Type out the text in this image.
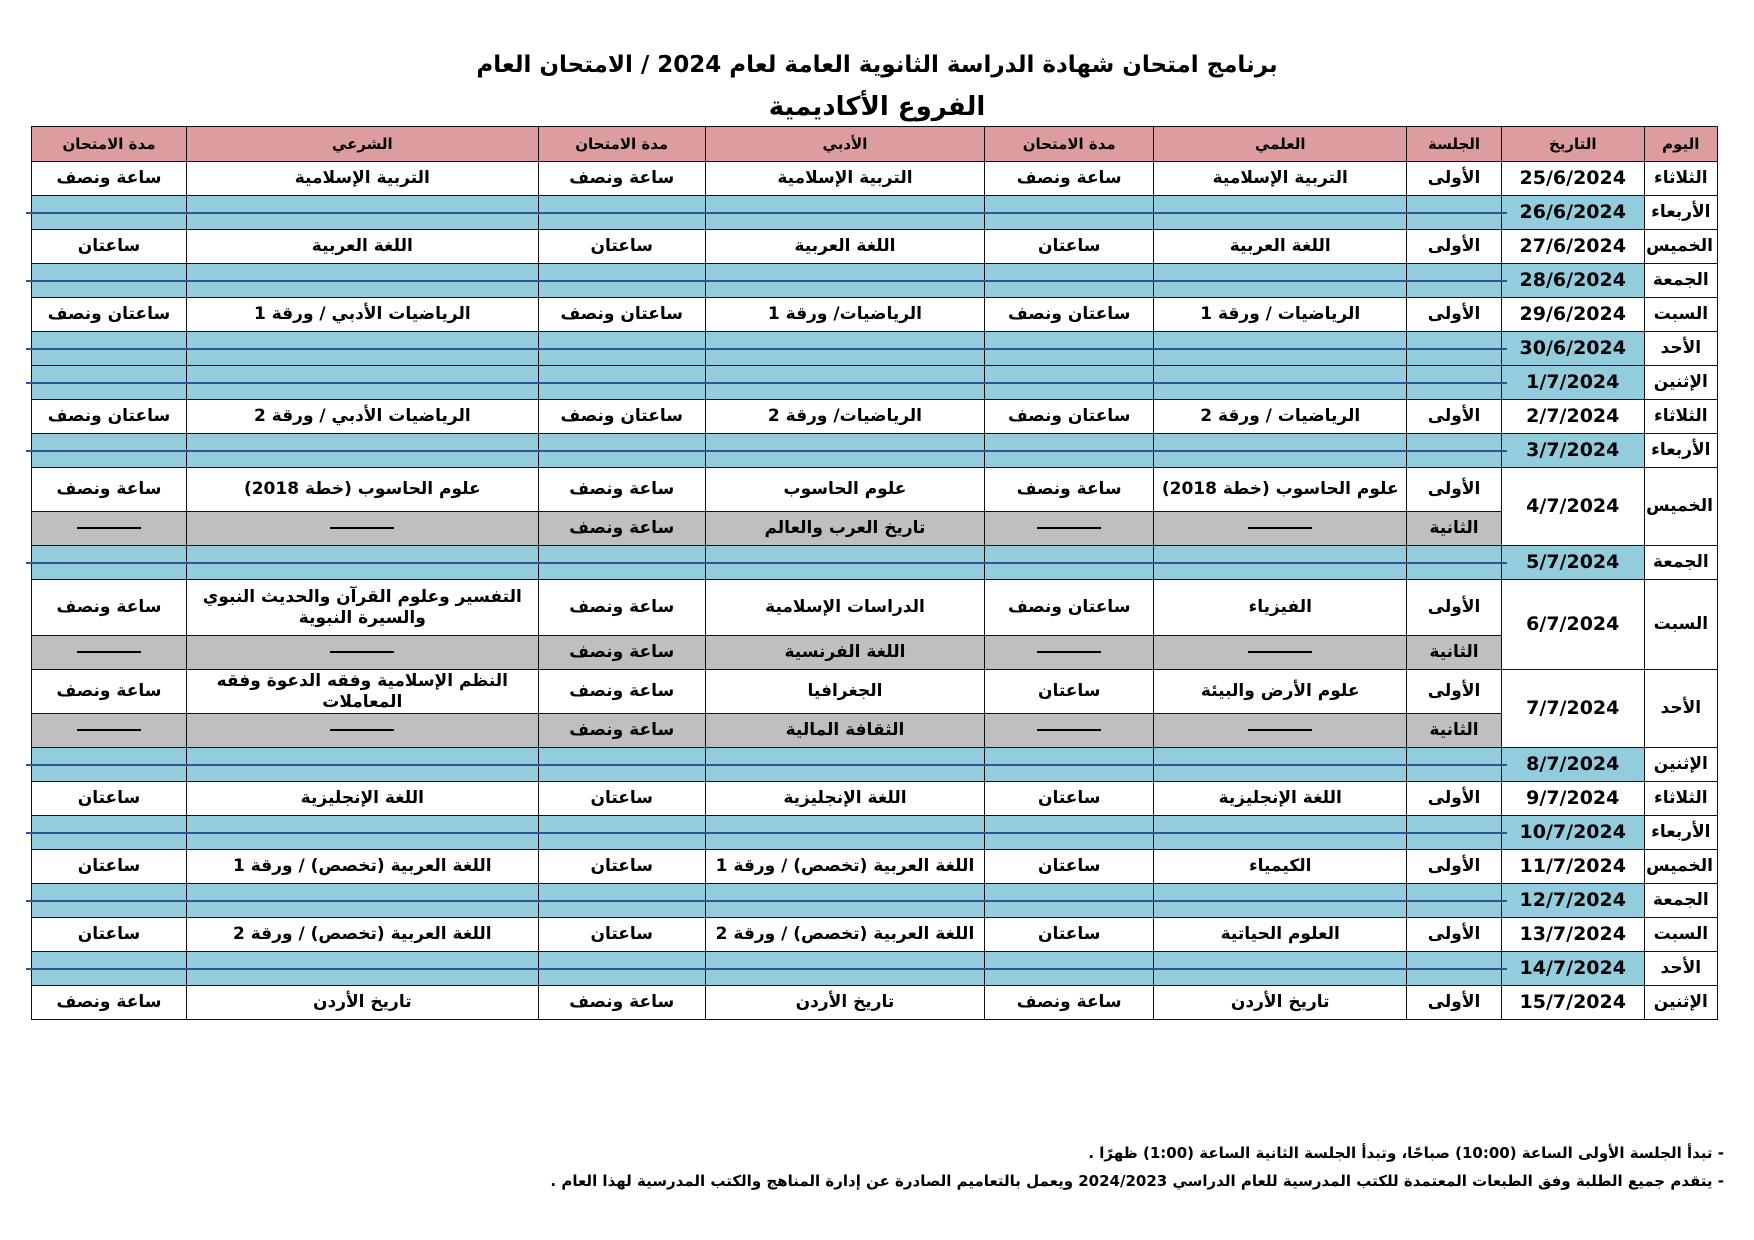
برنامج امتحان شهادة الدراسة الثانوية العامة لعام 2024 / الامتحان العام
الفروع الأكاديمية
اليوم	التاريخ	الجلسة	العلمي	مدة الامتحان	الأدبي	مدة الامتحان	الشرعي	مدة الامتحان
الثلاثاء	25/6/2024	الأولى	التربية الإسلامية	ساعة ونصف	التربية الإسلامية	ساعة ونصف	التربية الإسلامية	ساعة ونصف
الأربعاء	26/6/2024	

الخميس	27/6/2024	الأولى	اللغة العربية	ساعتان	اللغة العربية	ساعتان	اللغة العربية	ساعتان
الجمعة	28/6/2024	

السبت	29/6/2024	الأولى	الرياضيات / ورقة 1	ساعتان ونصف	الرياضيات/ ورقة 1	ساعتان ونصف	الرياضيات الأدبي / ورقة 1	ساعتان ونصف
الأحد	30/6/2024	

الإثنين	1/7/2024	

الثلاثاء	2/7/2024	الأولى	الرياضيات / ورقة 2	ساعتان ونصف	الرياضيات/ ورقة 2	ساعتان ونصف	الرياضيات الأدبي / ورقة 2	ساعتان ونصف
الأربعاء	3/7/2024	

الخميس	4/7/2024	الأولى	علوم الحاسوب (خطة 2018)	ساعة ونصف	علوم الحاسوب	ساعة ونصف	علوم الحاسوب (خطة 2018)	ساعة ونصف
		الثانية			تاريخ العرب والعالم	ساعة ونصف		
الجمعة	5/7/2024	

السبت	6/7/2024	الأولى	الفيزياء	ساعتان ونصف	الدراسات الإسلامية	ساعة ونصف	التفسير وعلوم القرآن والحديث النبوي والسيرة النبوية	ساعة ونصف
		الثانية			اللغة الفرنسية	ساعة ونصف		
الأحد	7/7/2024	الأولى	علوم الأرض والبيئة	ساعتان	الجغرافيا	ساعة ونصف	النظم الإسلامية وفقه الدعوة وفقه المعاملات	ساعة ونصف
		الثانية			الثقافة المالية	ساعة ونصف		
الإثنين	8/7/2024	

الثلاثاء	9/7/2024	الأولى	اللغة الإنجليزية	ساعتان	اللغة الإنجليزية	ساعتان	اللغة الإنجليزية	ساعتان
الأربعاء	10/7/2024	

الخميس	11/7/2024	الأولى	الكيمياء	ساعتان	اللغة العربية (تخصص) / ورقة 1	ساعتان	اللغة العربية (تخصص) / ورقة 1	ساعتان
الجمعة	12/7/2024	

السبت	13/7/2024	الأولى	العلوم الحياتية	ساعتان	اللغة العربية (تخصص) / ورقة 2	ساعتان	اللغة العربية (تخصص) / ورقة 2	ساعتان
الأحد	14/7/2024	

الإثنين	15/7/2024	الأولى	تاريخ الأردن	ساعة ونصف	تاريخ الأردن	ساعة ونصف	تاريخ الأردن	ساعة ونصف
- تبدأ الجلسة الأولى الساعة (10:00) صباحًا، وتبدأ الجلسة الثانية الساعة (1:00) ظهرًا .
- يتقدم جميع الطلبة وفق الطبعات المعتمدة للكتب المدرسية للعام الدراسي 2024/2023 ويعمل بالتعاميم الصادرة عن إدارة المناهج والكتب المدرسية لهذا العام .
